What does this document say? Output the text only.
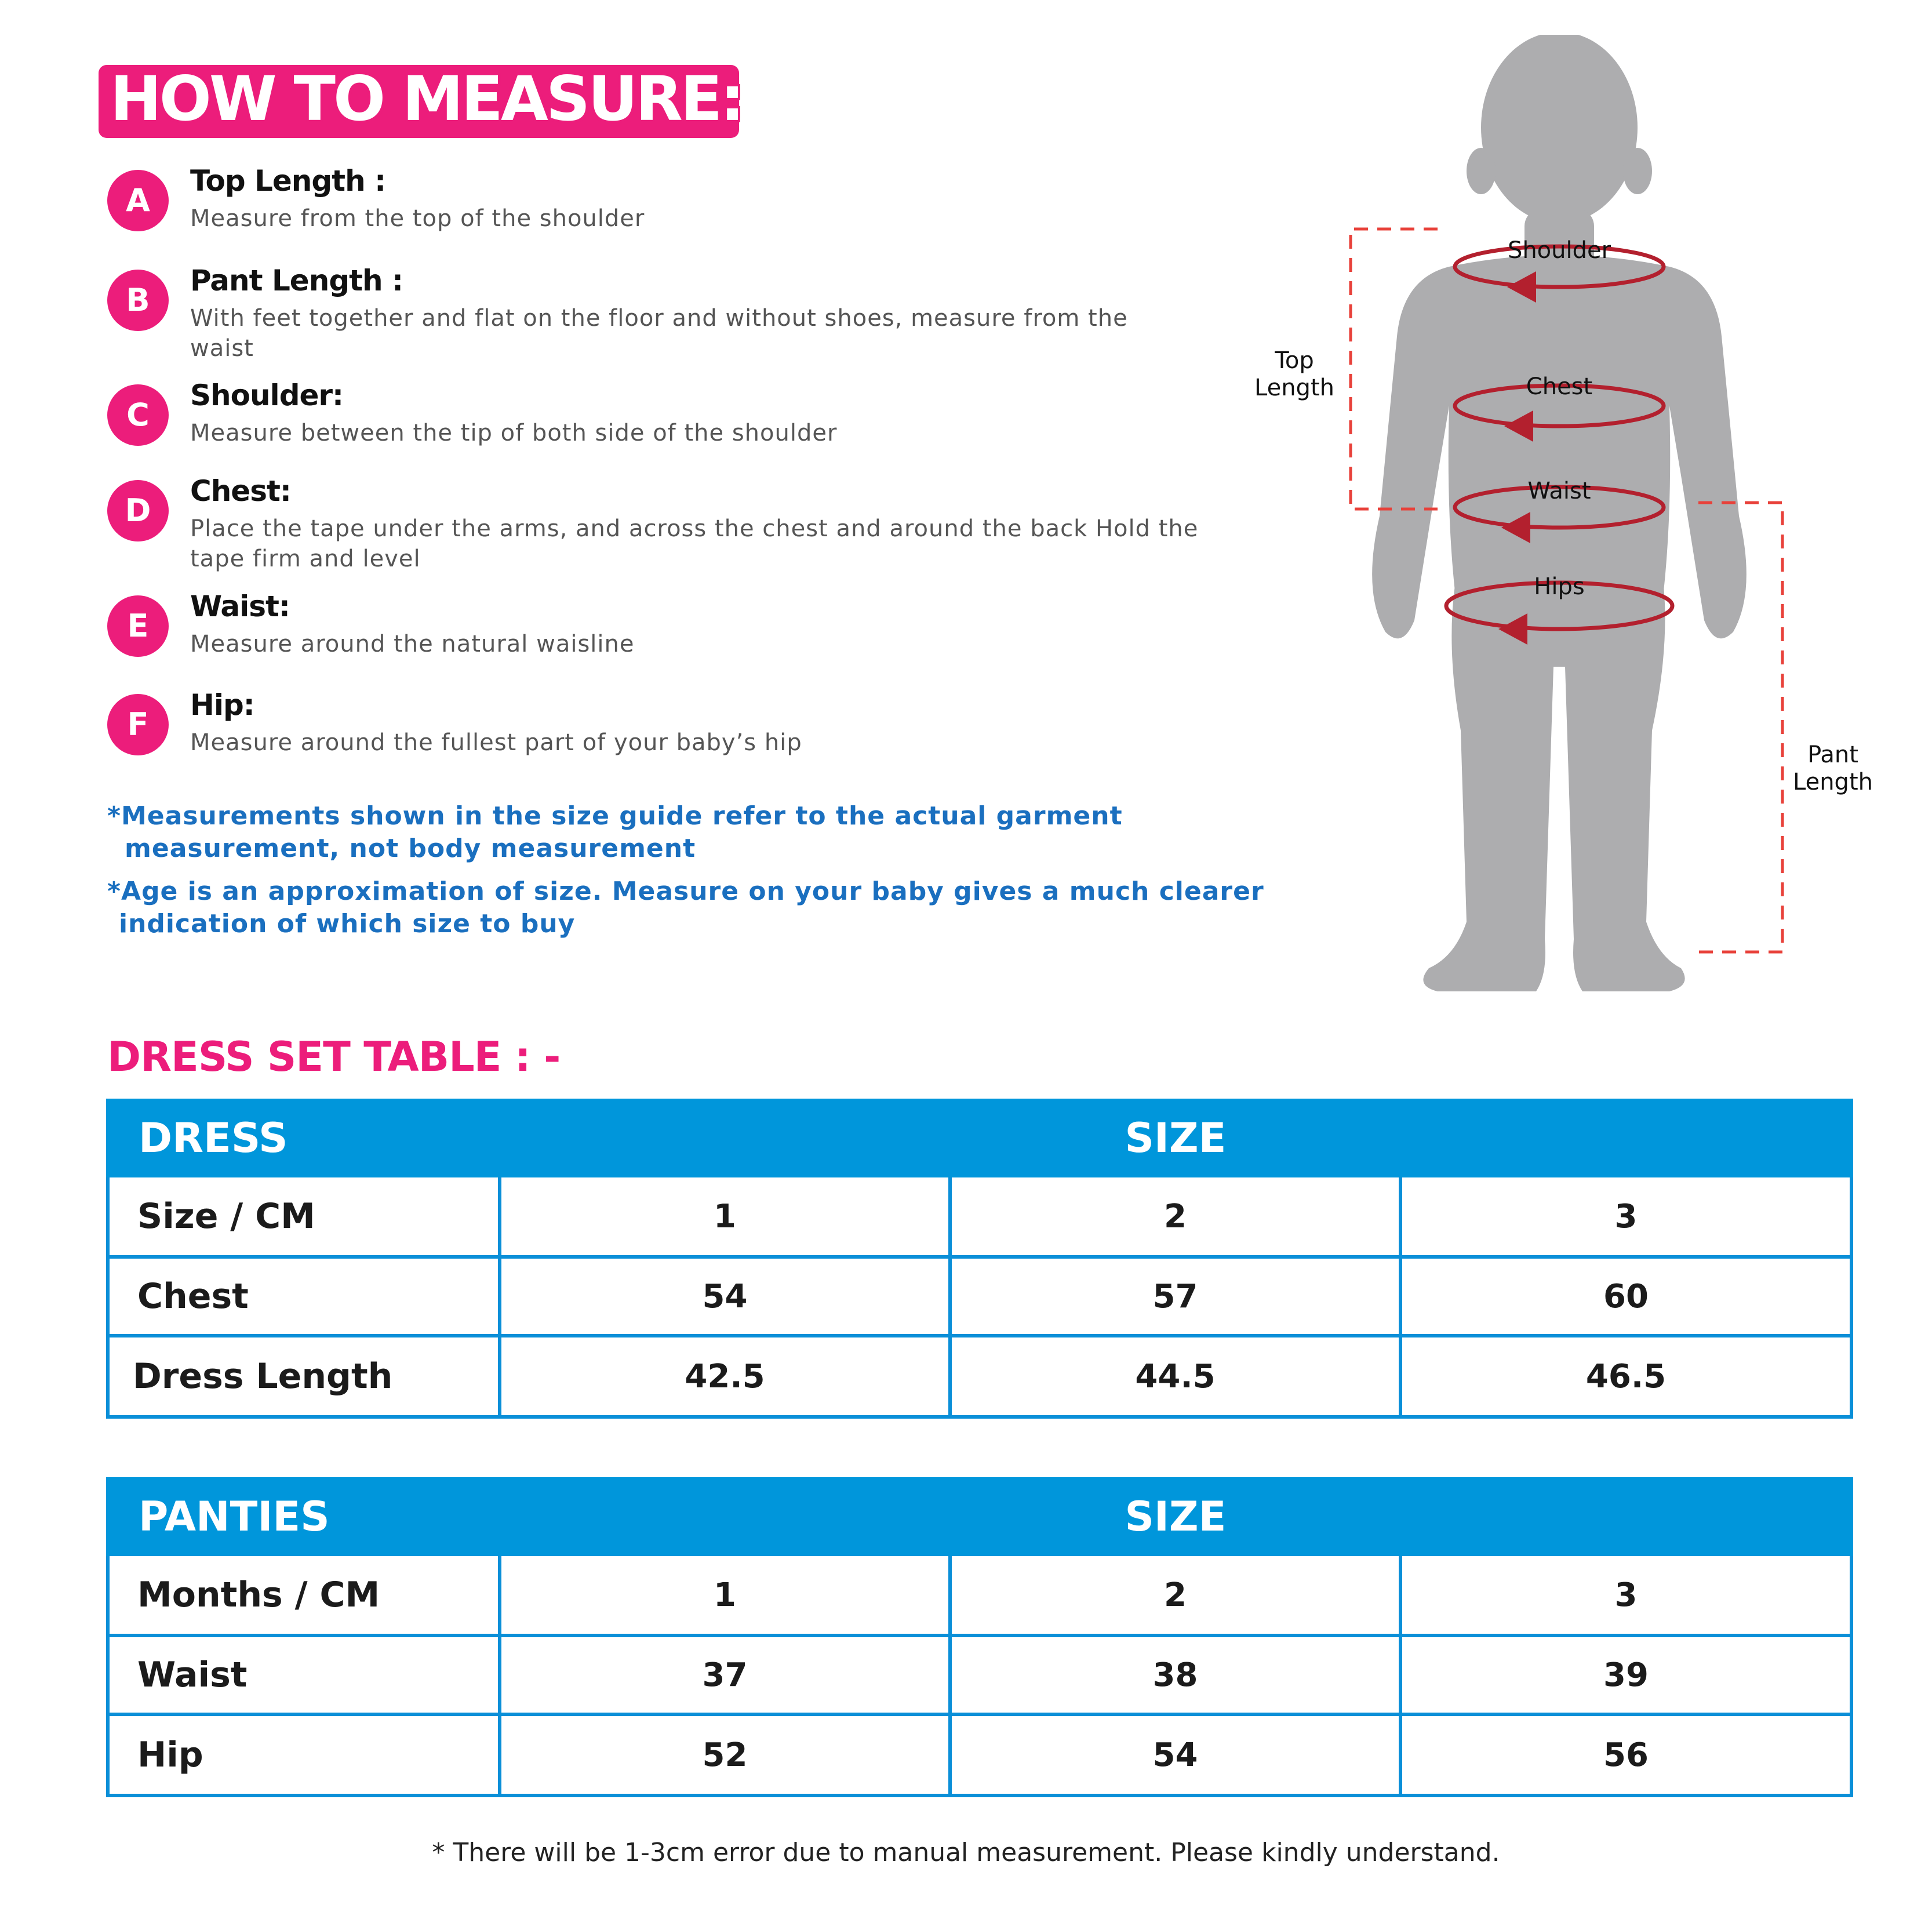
HOW TO MEASURE:
A
Top Length :
Measure from the top of the shoulder
B
Pant Length :
With feet together and flat on the floor and without shoes, measure from the waist
C
Shoulder:
Measure between the tip of both side of the shoulder
D
Chest:
Place the tape under the arms, and across the chest and around the back Hold the tape firm and level
E
Waist:
Measure around the natural waisline
F
Hip:
Measure around the fullest part of your baby’s hip
*Measurements shown in the size guide refer to the actual garment
measurement, not body measurement
*Age is an approximation of size. Measure on your baby gives a much clearer
indication of which size to buy
Shoulder
Chest
Waist
Hips
Top
Length
Pant
Length
DRESS SET TABLE : -
DRESS	SIZE		
Size / CM	1	2	3
Chest	54	57	60
Dress Length	42.5	44.5	46.5
PANTIES	SIZE		
Months / CM	1	2	3
Waist	37	38	39
Hip	52	54	56
* There will be 1-3cm error due to manual measurement. Please kindly understand.
